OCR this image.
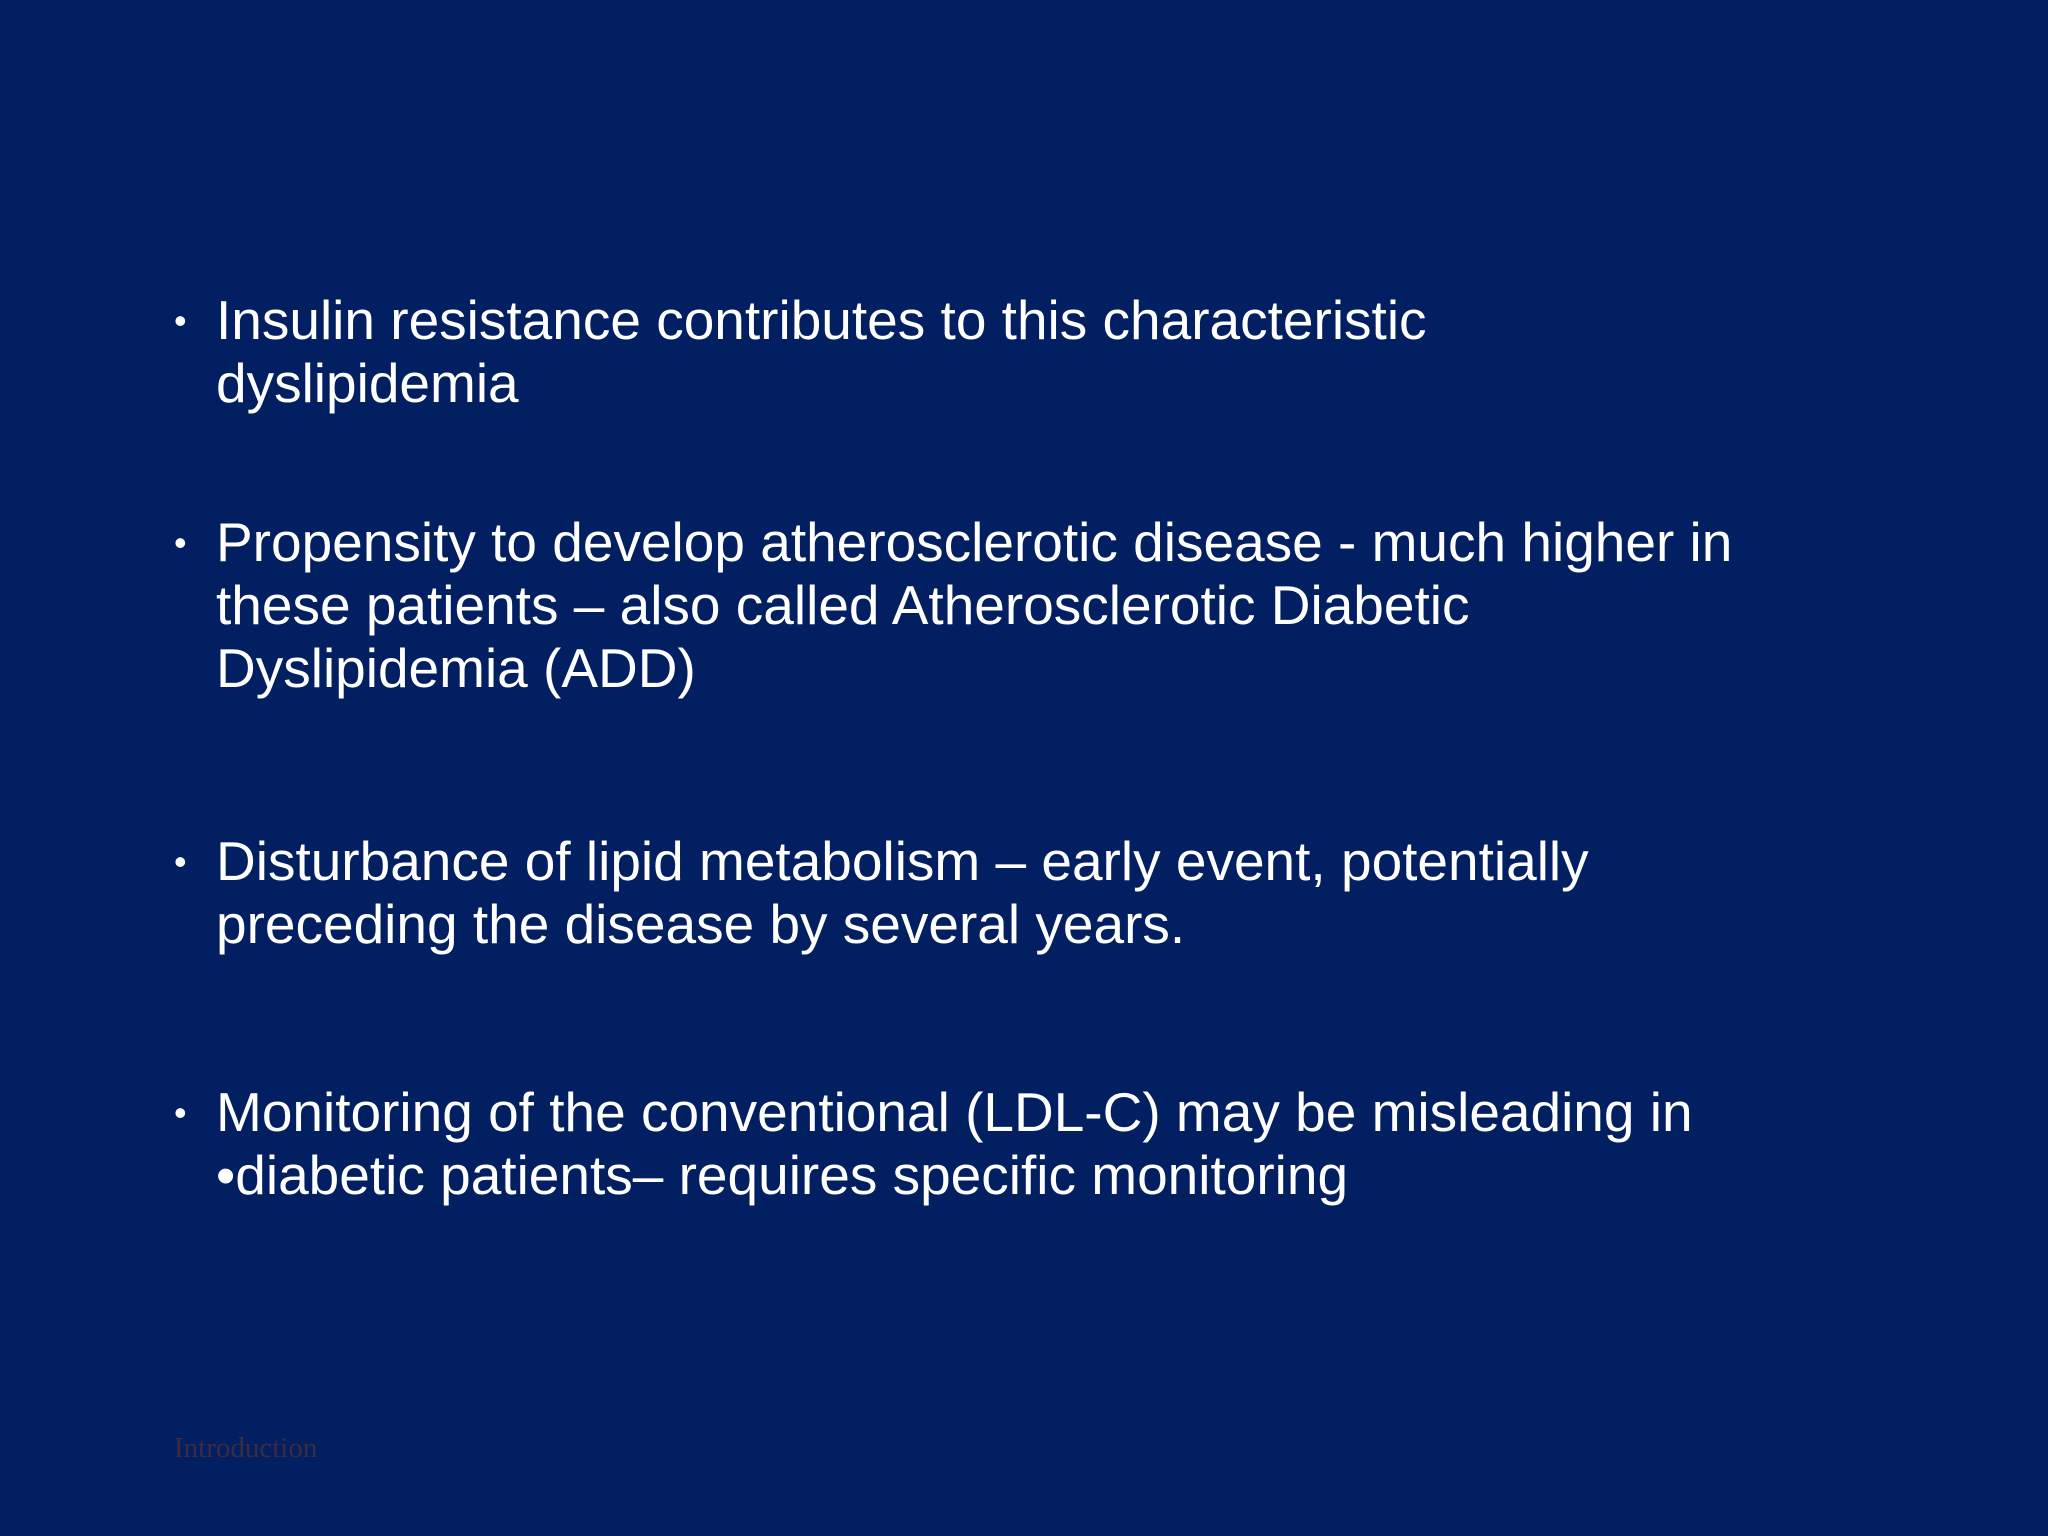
• Insulin resistance contributes to this characteristic
dyslipidemia
• Propensity to develop atherosclerotic disease - much higher in
these patients – also called Atherosclerotic Diabetic
Dyslipidemia (ADD)
• Disturbance of lipid metabolism – early event, potentially
preceding the disease by several years.
• Monitoring of the conventional (LDL-C) may be misleading in
•diabetic patients– requires specific monitoring
Introduction
